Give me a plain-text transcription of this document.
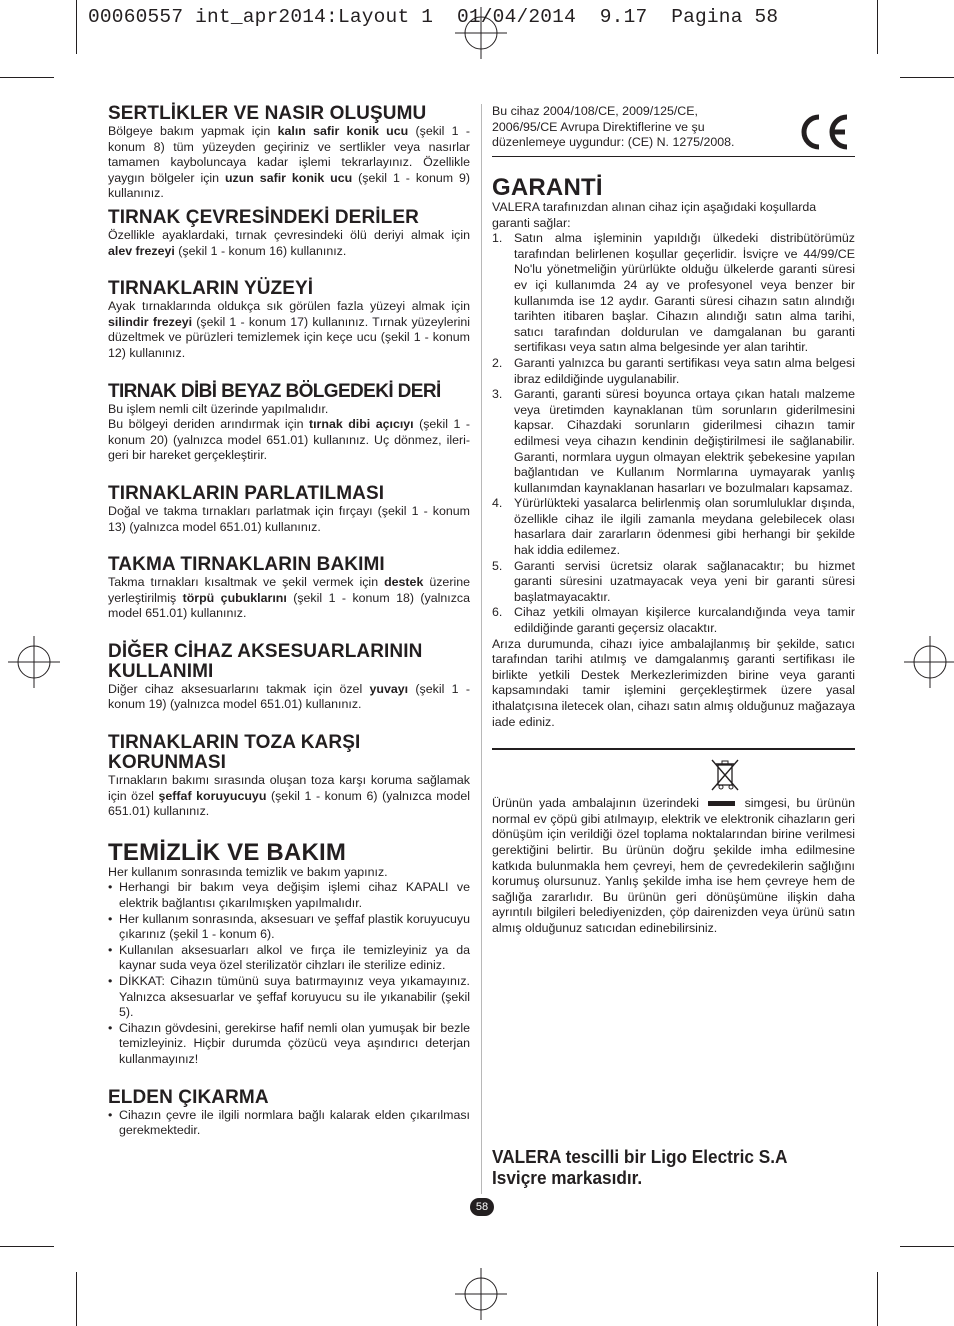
00060557 int_apr2014:Layout 1  01/04/2014  9.17  Pagina 58
SERTLİKLER VE NASIR OLUŞUMU

Bölgeye bakım yapmak için kalın safir konik ucu (şekil 1 - konum 8) tüm yüzeyden geçiriniz ve sertlikler veya nasırlar tamamen kayboluncaya kadar işlemi tekrarlayınız. Özellikle yaygın bölgeler için uzun safir konik ucu (şekil 1 - konum 9) kullanınız.

TIRNAK ÇEVRESİNDEKİ DERİLER

Özellikle ayaklardaki, tırnak çevresindeki ölü deriyi almak için alev frezeyi (şekil 1 - konum 16) kullanınız.

TIRNAKLARIN YÜZEYİ

Ayak tırnaklarında oldukça sık görülen fazla yüzeyi almak için silindir frezeyi (şekil 1 - konum 17) kullanınız. Tırnak yüzeylerini düzeltmek ve pürüzleri temizlemek için keçe ucu (şekil 1 - konum 12) kullanınız.

TIRNAK DİBİ BEYAZ BÖLGEDEKİ DERİ

Bu işlem nemli cilt üzerinde yapılmalıdır.

Bu bölgeyi deriden arındırmak için tırnak dibi açıcıyı (şekil 1 - konum 20) (yalnızca model 651.01) kullanınız. Uç dönmez, ileri-geri bir hareket gerçekleştirir.

TIRNAKLARIN PARLATILMASI

Doğal ve takma tırnakları parlatmak için fırçayı (şekil 1 - konum 13) (yalnızca model 651.01) kullanınız.

TAKMA TIRNAKLARIN BAKIMI

Takma tırnakları kısaltmak ve şekil vermek için destek üzerine yerleştirilmiş törpü çubuklarını (şekil 1 - konum 18) (yalnızca model 651.01) kullanınız.

DİĞER CİHAZ AKSESUARLARININ
KULLANIMI

Diğer cihaz aksesuarlarını takmak için özel yuvayı (şekil 1 - konum 19) (yalnızca model 651.01) kullanınız.

TIRNAKLARIN TOZA KARŞI
KORUNMASI

Tırnakların bakımı sırasında oluşan toza karşı koruma sağlamak için özel şeffaf koruyucuyu (şekil 1 - konum 6) (yalnızca model 651.01) kullanınız.

TEMİZLİK VE BAKIM

Her kullanım sonrasında temizlik ve bakım yapınız.

• Herhangi bir bakım veya değişim işlemi cihaz KAPALI ve elektrik bağlantısı çıkarılmışken yapılmalıdır.
• Her kullanım sonrasında, aksesuarı ve şeffaf plastik koruyucuyu çıkarınız (şekil 1 - konum 6).
• Kullanılan aksesuarları alkol ve fırça ile temizleyiniz ya da kaynar suda veya özel sterilizatör cihzları ile sterilize ediniz.
• DİKKAT: Cihazın tümünü suya batırmayınız veya yıkamayınız. Yalnızca aksesuarlar ve şeffaf koruyucu su ile yıkanabilir (şekil 5).
• Cihazın gövdesini, gerekirse hafif nemli olan yumuşak bir bezle temizleyiniz. Hiçbir durumda çözücü veya aşındırıcı deterjan kullanmayınız!
ELDEN ÇIKARMA
• Cihazın çevre ile ilgili normlara bağlı kalarak elden çıkarılması gerekmektedir.

Bu cihaz 2004/108/CE, 2009/125/CE, 2006/95/CE Avrupa Direktiflerine ve şu düzenlemeye uygundur: (CE) N. 1275/2008.

GARANTİ

VALERA tarafınızdan alınan cihaz için aşağıdaki koşullarda garanti sağlar:

1. Satın alma işleminin yapıldığı ülkedeki distribütörümüz tarafından belirlenen koşullar geçerlidir. İsviçre ve 44/99/CE No'lu yönetmeliğin yürürlükte olduğu ülkelerde garanti süresi ev içi kullanımda 24 ay ve profesyonel veya benzer bir kullanımda ise 12 aydır. Garanti süresi cihazın satın alındığı tarihten itibaren başlar. Cihazın alındığı satın alma tarihi, satıcı tarafından doldurulan ve damgalanan bu garanti sertifikası veya satın alma belgesinde yer alan tarihtir.
2. Garanti yalnızca bu garanti sertifikası veya satın alma belgesi ibraz edildiğinde uygulanabilir.
3. Garanti, garanti süresi boyunca ortaya çıkan hatalı malzeme veya üretimden kaynaklanan tüm sorunların giderilmesini kapsar. Cihazdaki sorunların giderilmesi cihazın tamir edilmesi veya cihazın kendinin değiştirilmesi ile sağlanabilir. Garanti, normlara uygun olmayan elektrik şebekesine yapılan bağlantıdan ve Kullanım Normlarına uymayarak yanlış kullanımdan kaynaklanan hasarları ve bozulmaları kapsamaz.
4. Yürürlükteki yasalarca belirlenmiş olan sorumluluklar dışında, özellikle cihaz ile ilgili zamanla meydana gelebilecek olası hasarlara dair zararların ödenmesi gibi herhangi bir şekilde hak iddia edilemez.
5. Garanti servisi ücretsiz olarak sağlanacaktır; bu hizmet garanti süresini uzatmayacak veya yeni bir garanti süresi başlatmayacaktır.
6. Cihaz yetkili olmayan kişilerce kurcalandığında veya tamir edildiğinde garanti geçersiz olacaktır.

Arıza durumunda, cihazı iyice ambalajlanmış bir şekilde, satıcı tarafından tarihi atılmış ve damgalanmış garanti sertifikası ile birlikte yetkili Destek Merkezlerimizden birine veya garanti kapsamındaki tamir işlemini gerçekleştirmek üzere yasal ithalatçısına iletecek olan, cihazı satın almış olduğunuz mağazaya iade ediniz.

Ürünün yada ambalajının üzerindeki	simgesi, bu ürünün normal ev çöpü gibi atılmayıp, elektrik ve elektronik cihazların geri dönüşüm için verildiği özel toplama noktalarından birine verilmesi gerektiğini belirtir. Bu ürünün doğru şekilde imha edilmesine katkıda bulunmakla hem çevreyi, hem de çevredekilerin sağlığını korumuş olursunuz. Yanlış şekilde imha ise hem çevreye hem de sağlığa zararlıdır. Bu ürünün geri dönüşümüne ilişkin daha ayrıntılı bilgileri belediyenizden, çöp dairenizden veya ürünü satın almış olduğunuz satıcıdan edinebilirsiniz.

VALERA tescilli bir Ligo Electric S.A
Isviçre markasıdır.
58
